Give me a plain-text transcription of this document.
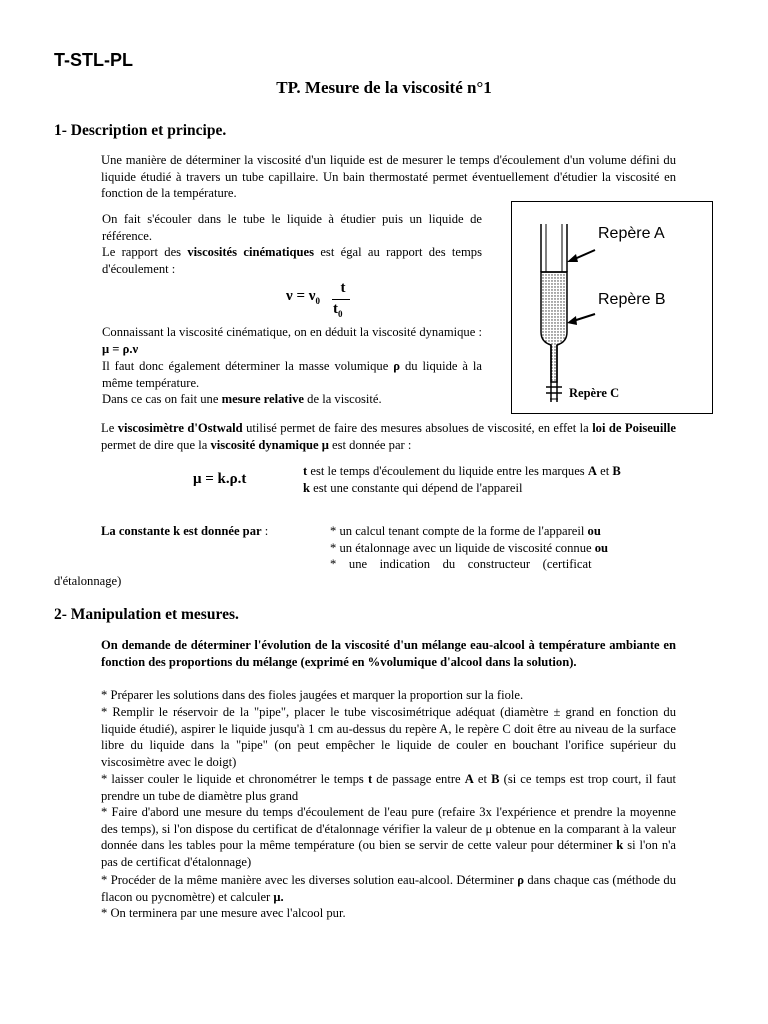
T-STL-PL
TP. Mesure de la viscosité n°1
1- Description et principe.
Une manière de déterminer la viscosité d'un liquide est de mesurer le temps d'écoulement d'un volume défini du liquide étudié à travers un tube capillaire. Un bain thermostaté permet éventuellement d'étudier la viscosité en fonction de la température.
On fait s'écouler dans le tube le liquide à étudier puis un liquide de référence.
Le rapport des viscosités cinématiques est égal au rapport des temps d'écoulement :
$\nu = \nu_0$
t
$t_0$
Connaissant la viscosité cinématique, on en déduit la viscosité dynamique : μ = ρ.ν
Il faut donc également déterminer la masse volumique ρ du liquide à la même température.
Dans ce cas on fait une mesure relative de la viscosité.
Repère A
Repère B
Repère C
Le viscosimètre d'Ostwald utilisé permet de faire des mesures absolues de viscosité, en effet la loi de Poiseuille permet de dire que la viscosité dynamique μ est donnée par :
μ = k.ρ.t	t est le temps d'écoulement du liquide entre les marques A et B
k est une constante qui dépend de l'appareil
La constante k est donnée par :	* un calcul tenant compte de la forme de l'appareil ou
* un étalonnage avec un liquide de viscosité connue ou
*    une    indication    du    constructeur    (certificat
d'étalonnage)
2- Manipulation et mesures.
On demande de déterminer l'évolution de la viscosité d'un mélange eau-alcool à température ambiante en fonction des proportions du mélange (exprimé en %volumique d'alcool dans la solution).
* Préparer les solutions dans des fioles jaugées et marquer la proportion sur la fiole.
* Remplir le réservoir de la "pipe", placer le tube viscosimétrique adéquat (diamètre ± grand en fonction du liquide étudié), aspirer le liquide jusqu'à 1 cm au-dessus du repère A, le repère C doit être au niveau de la surface libre du liquide dans la "pipe" (on peut empêcher le liquide de couler en bouchant l'orifice supérieur du viscosimètre avec le doigt)
* laisser couler le liquide et chronométrer le temps t de passage entre A et B (si ce temps est trop court, il faut prendre un tube de diamètre plus grand
* Faire d'abord une mesure du temps d'écoulement de l'eau pure (refaire 3x l'expérience et prendre la moyenne des temps), si l'on dispose du certificat de d'étalonnage vérifier la valeur de μ obtenue en la comparant à la valeur donnée dans les tables pour la même température (ou bien se servir de cette valeur pour déterminer k si l'on n'a pas de certificat d'étalonnage)
* Procéder de la même manière avec les diverses solution eau-alcool. Déterminer ρ dans chaque cas (méthode du flacon ou pycnomètre) et calculer μ.
* On terminera par une mesure avec l'alcool pur.
